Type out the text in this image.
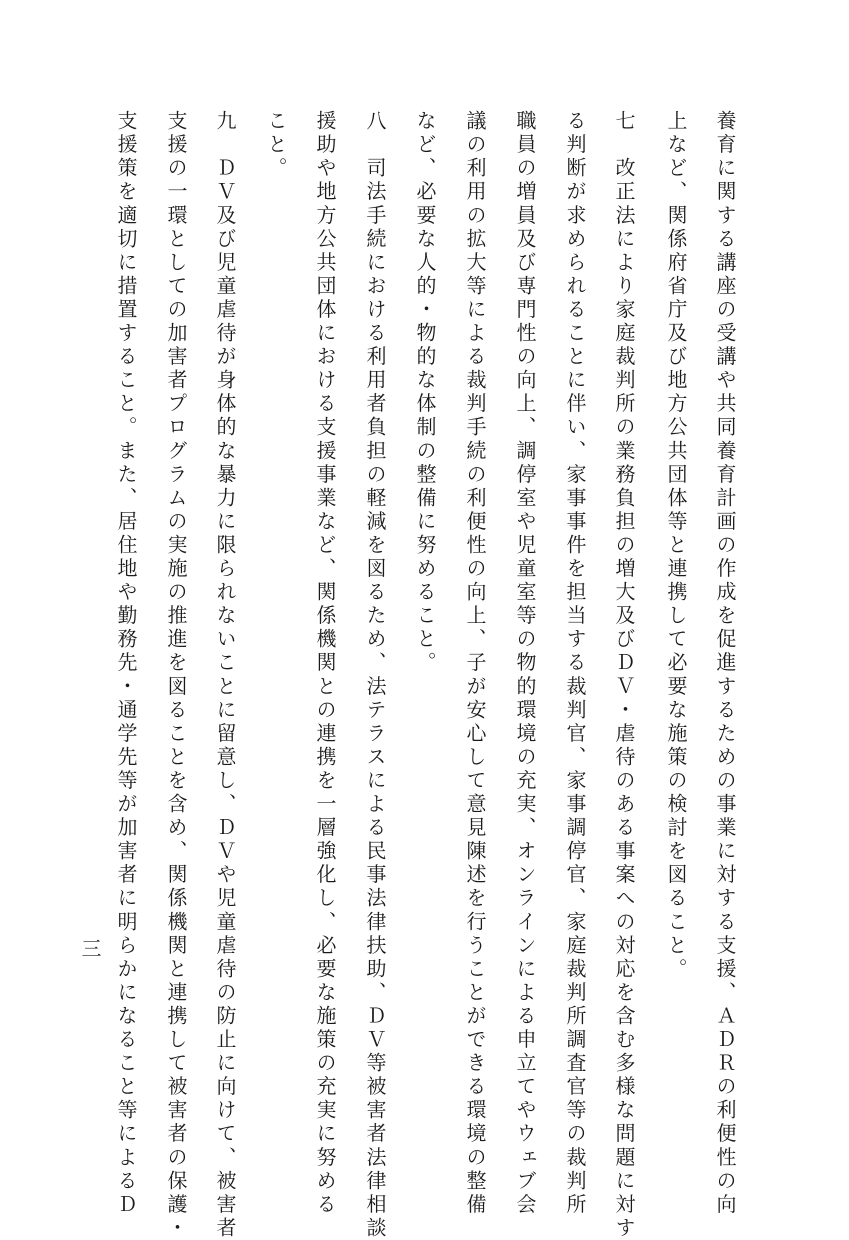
養育に関する講座の受講や共同養育計画の作成を促進するための事業に対する支援、ＡＤＲの利便性の向
上など、関係府省庁及び地方公共団体等と連携して必要な施策の検討を図ること。
七　改正法により家庭裁判所の業務負担の増大及びＤＶ・虐待のある事案への対応を含む多様な問題に対す
る判断が求められることに伴い、家事事件を担当する裁判官、家事調停官、家庭裁判所調査官等の裁判所
職員の増員及び専門性の向上、調停室や児童室等の物的環境の充実、オンラインによる申立てやウェブ会
議の利用の拡大等による裁判手続の利便性の向上、子が安心して意見陳述を行うことができる環境の整備
など、必要な人的・物的な体制の整備に努めること。
八　司法手続における利用者負担の軽減を図るため、法テラスによる民事法律扶助、ＤＶ等被害者法律相談
援助や地方公共団体における支援事業など、関係機関との連携を一層強化し、必要な施策の充実に努める
こと。
九　ＤＶ及び児童虐待が身体的な暴力に限られないことに留意し、ＤＶや児童虐待の防止に向けて、被害者
支援の一環としての加害者プログラムの実施の推進を図ることを含め、関係機関と連携して被害者の保護・
支援策を適切に措置すること。また、居住地や勤務先・通学先等が加害者に明らかになること等によるＤ
三
